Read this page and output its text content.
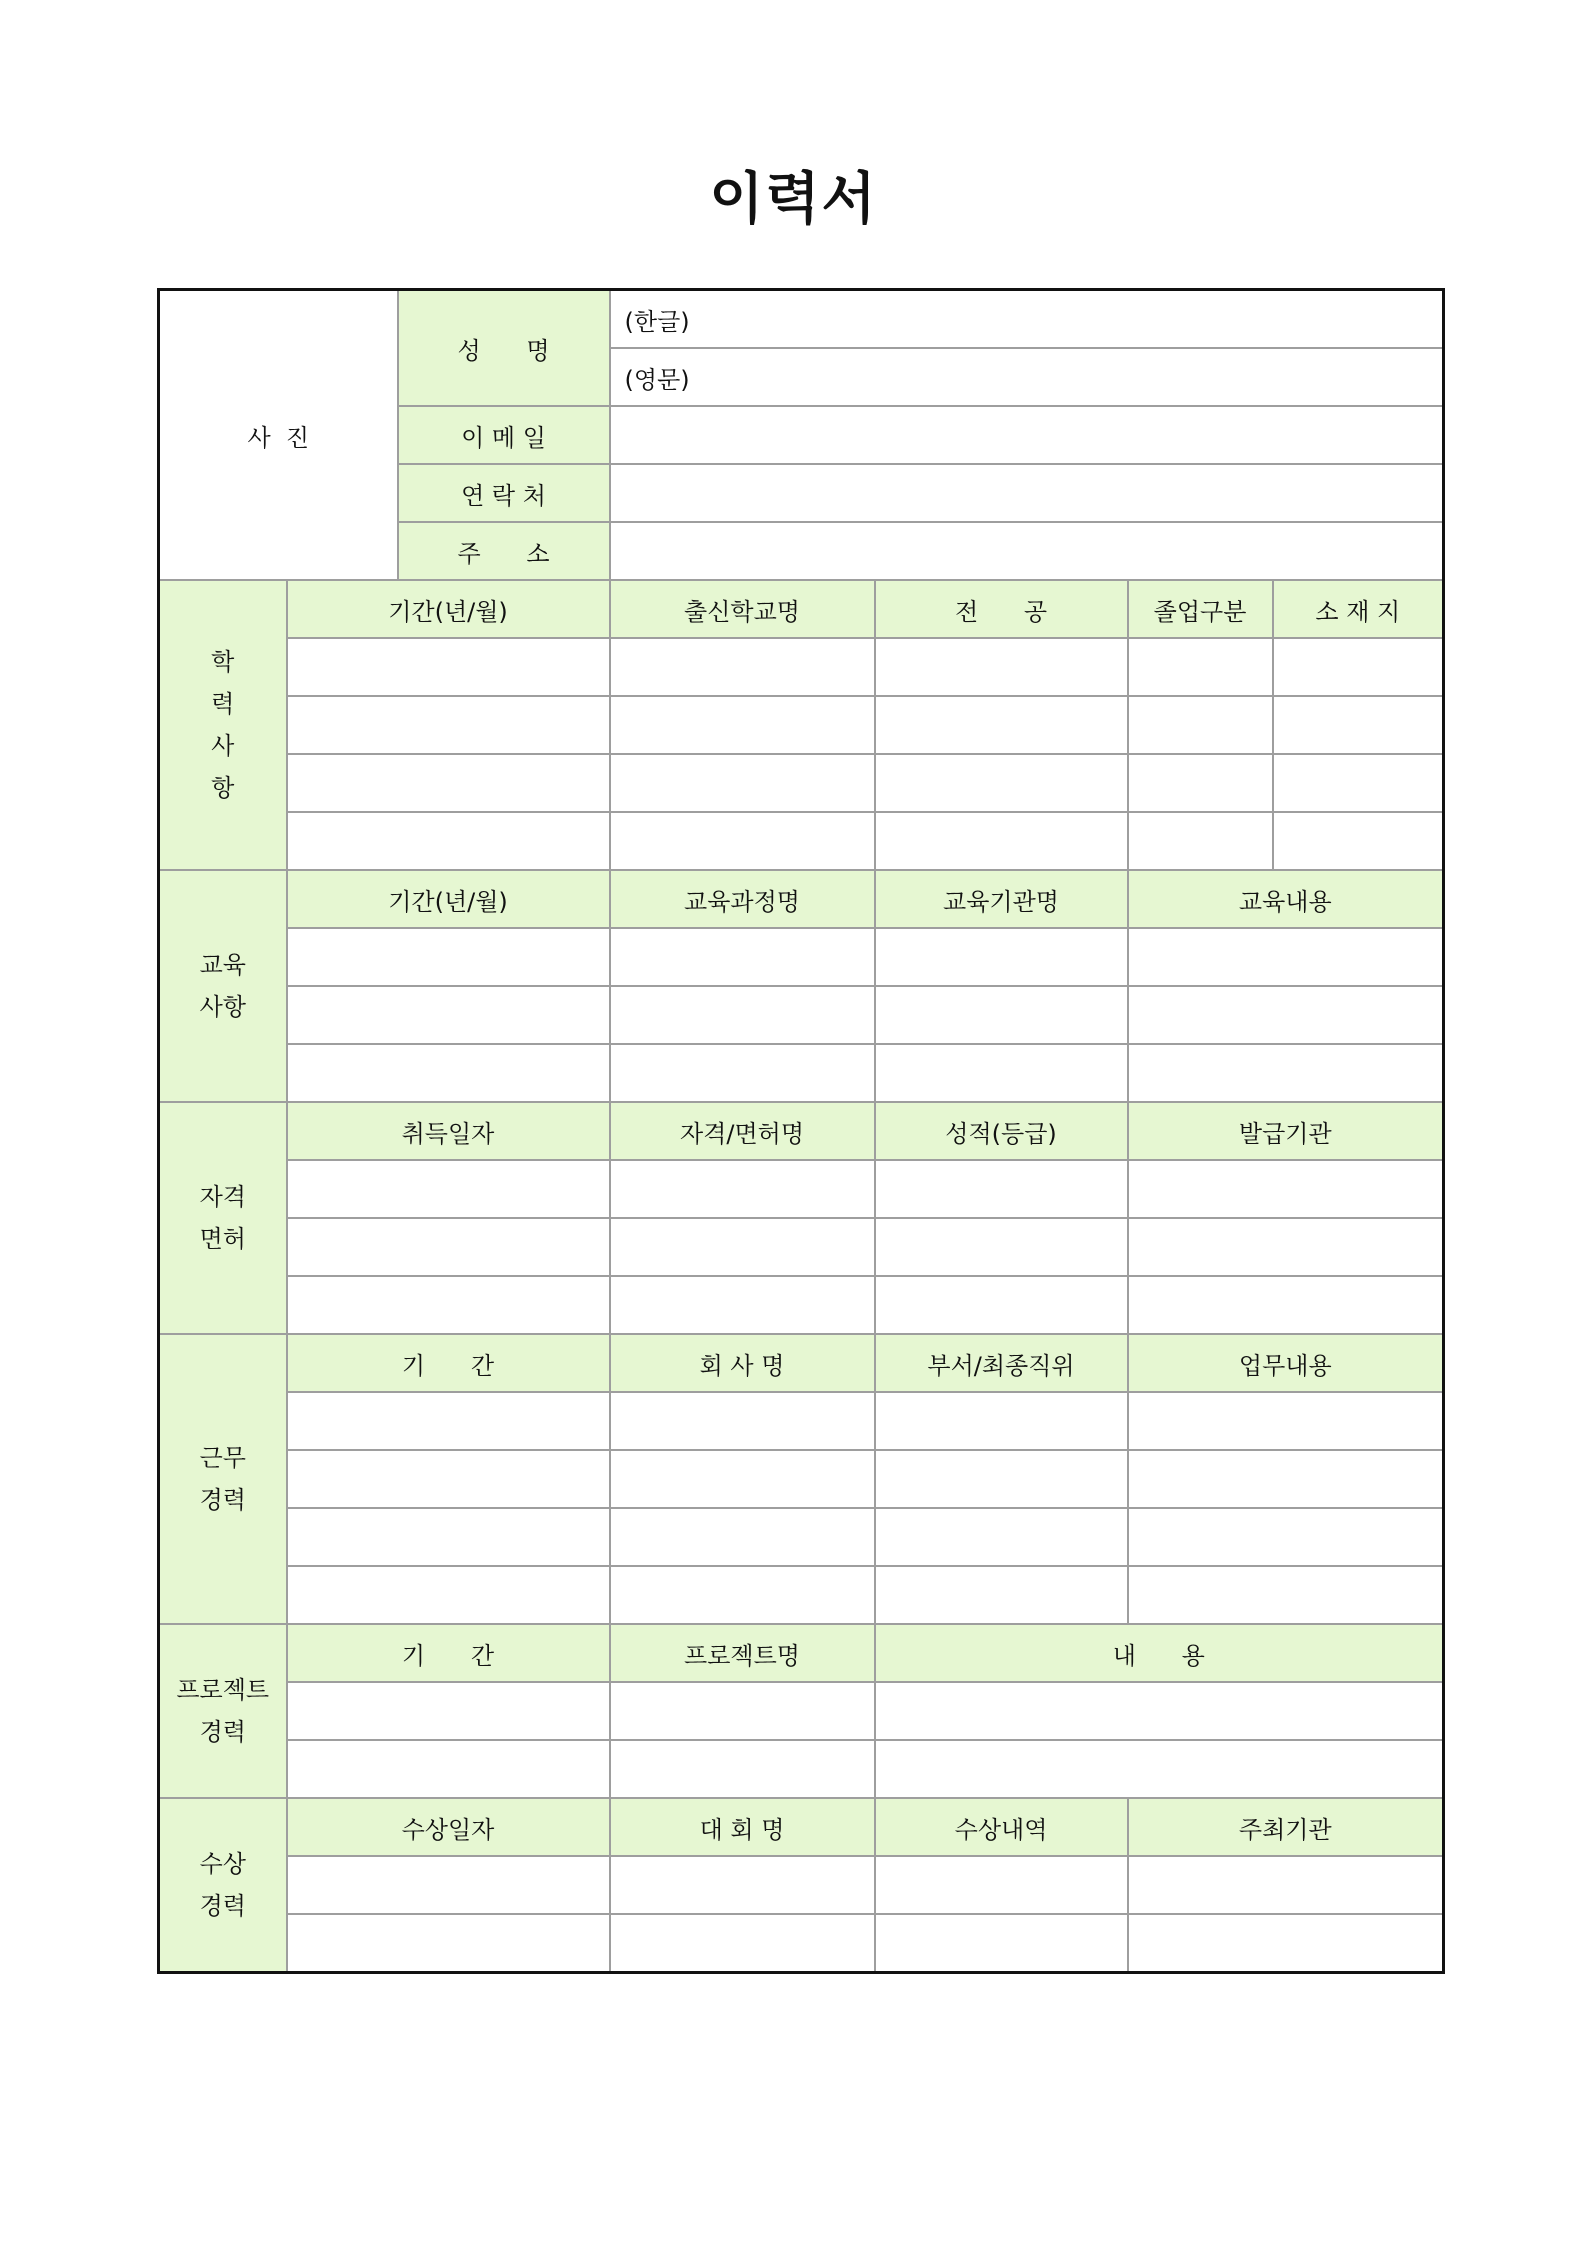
이력서
사  진		성      명	(한글)			
			(영문)			
		이 메 일				
		연 락 처				
		주      소				

학
력
사
항	기간(년/월)		출신학교명	전      공	졸업구분	소 재 지

교육
사항	기간(년/월)		교육과정명	교육기관명	교육내용	

자격
면허	취득일자		자격/면허명	성적(등급)	발급기관	

근무
경력	기      간		회 사 명	부서/최종직위	업무내용	

프로젝트
경력	기      간		프로젝트명	내      용		

수상
경력	수상일자		대 회 명	수상내역	주최기관	
